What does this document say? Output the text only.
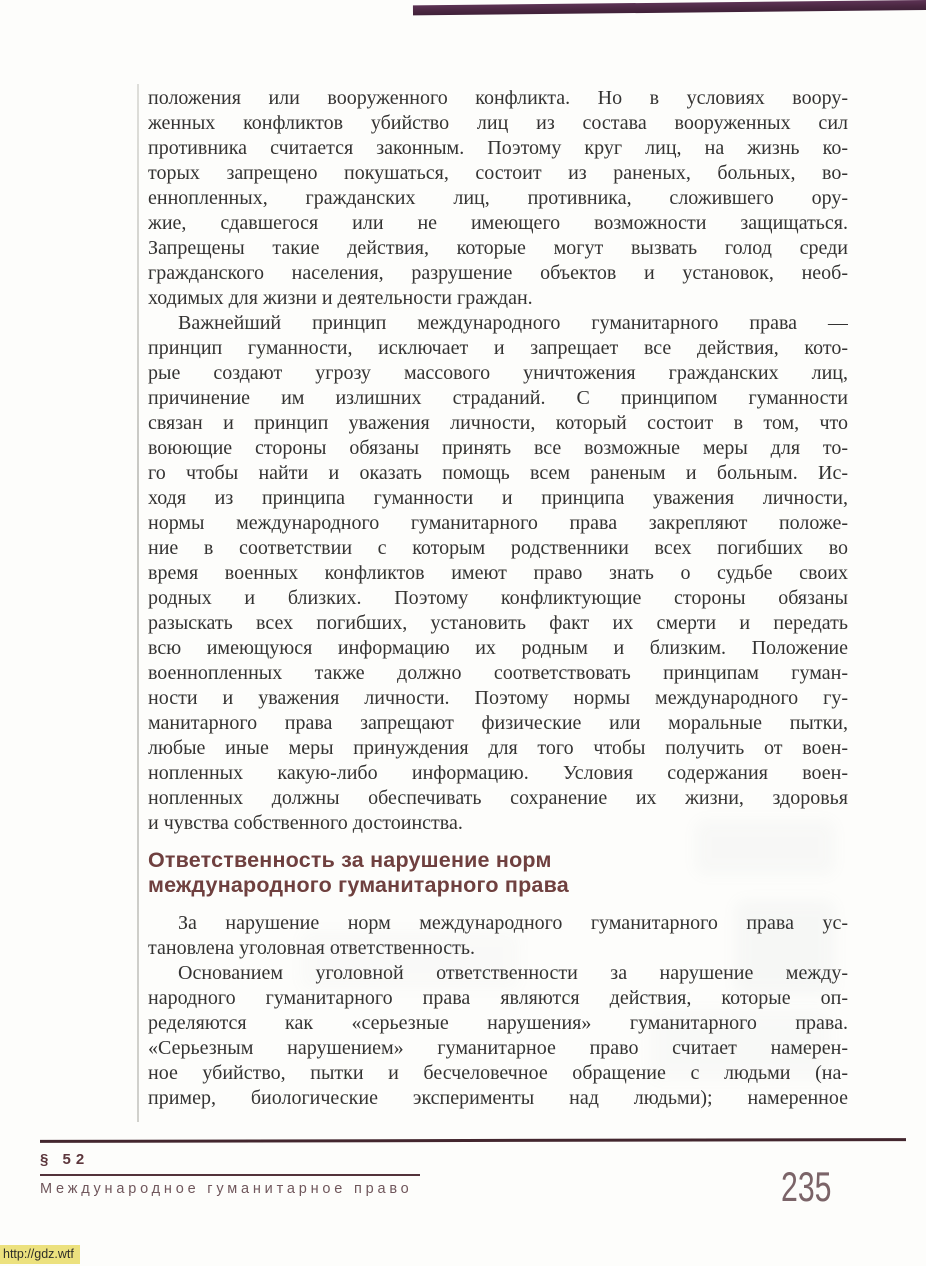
положения или вооруженного конфликта. Но в условиях воору-
женных конфликтов убийство лиц из состава вооруженных сил
противника считается законным. Поэтому круг лиц, на жизнь ко-
торых запрещено покушаться, состоит из раненых, больных, во-
еннопленных, гражданских лиц, противника, сложившего ору-
жие, сдавшегося или не имеющего возможности защищаться.
Запрещены такие действия, которые могут вызвать голод среди
гражданского населения, разрушение объектов и установок, необ-
ходимых для жизни и деятельности граждан.
Важнейший принцип международного гуманитарного права —
принцип гуманности, исключает и запрещает все действия, кото-
рые создают угрозу массового уничтожения гражданских лиц,
причинение им излишних страданий. С принципом гуманности
связан и принцип уважения личности, который состоит в том, что
воюющие стороны обязаны принять все возможные меры для то-
го чтобы найти и оказать помощь всем раненым и больным. Ис-
ходя из принципа гуманности и принципа уважения личности,
нормы международного гуманитарного права закрепляют положе-
ние в соответствии с которым родственники всех погибших во
время военных конфликтов имеют право знать о судьбе своих
родных и близких. Поэтому конфликтующие стороны обязаны
разыскать всех погибших, установить факт их смерти и передать
всю имеющуюся информацию их родным и близким. Положение
военнопленных также должно соответствовать принципам гуман-
ности и уважения личности. Поэтому нормы международного гу-
манитарного права запрещают физические или моральные пытки,
любые иные меры принуждения для того чтобы получить от воен-
нопленных какую-либо информацию. Условия содержания воен-
нопленных должны обеспечивать сохранение их жизни, здоровья
и чувства собственного достоинства.
Ответственность за нарушение норм
международного гуманитарного права
За нарушение норм международного гуманитарного права ус-
тановлена уголовная ответственность.
Основанием уголовной ответственности за нарушение между-
народного гуманитарного права являются действия, которые оп-
ределяются как «серьезные нарушения» гуманитарного права.
«Серьезным нарушением» гуманитарное право считает намерен-
ное убийство, пытки и бесчеловечное обращение с людьми (на-
пример, биологические эксперименты над людьми); намеренное
§ 52
Международное гуманитарное право	235
http://gdz.wtf
